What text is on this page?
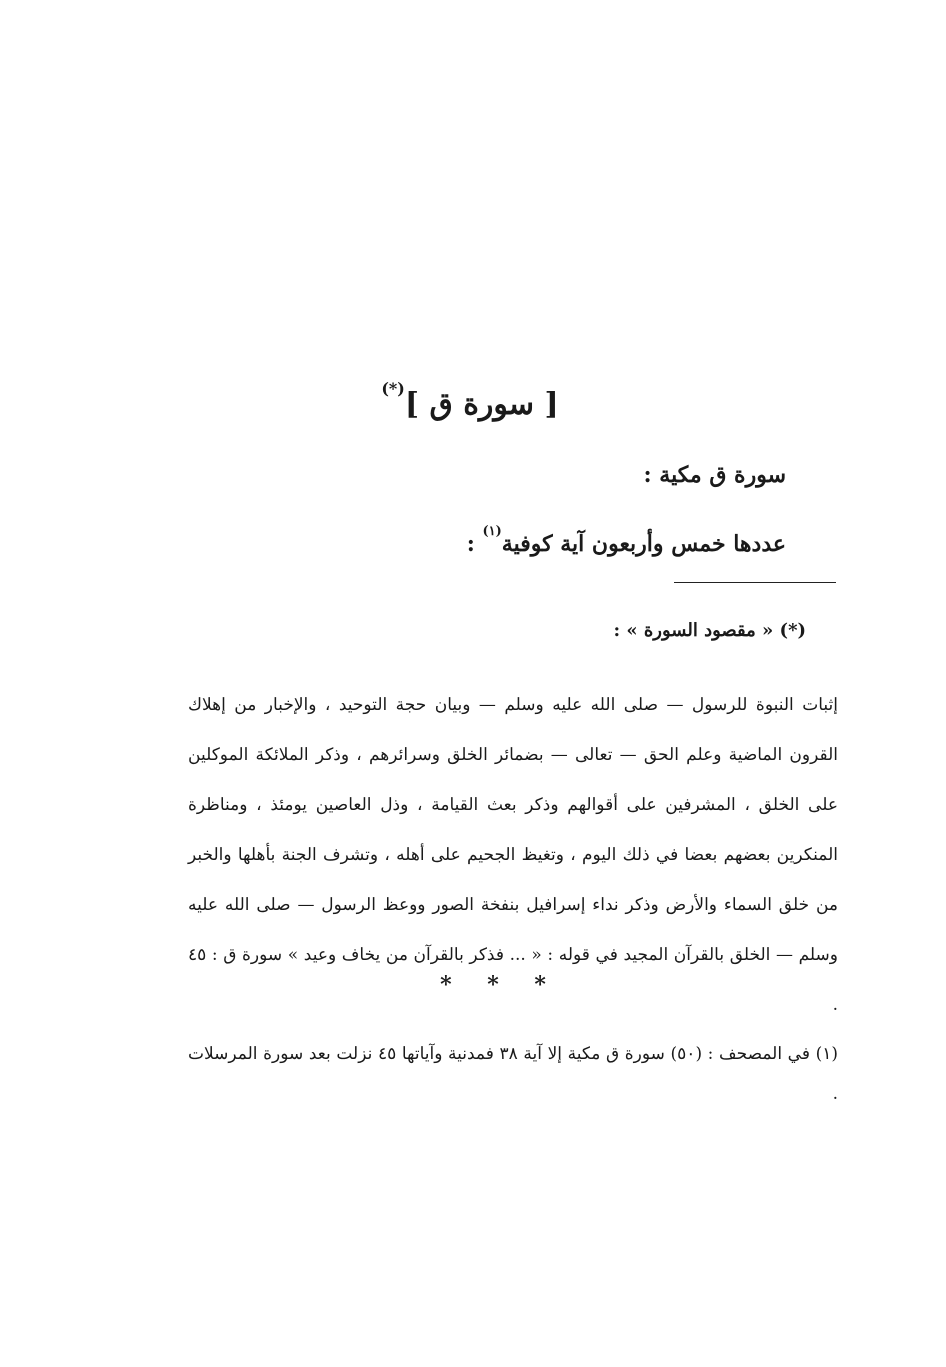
[ سورة ق ](*)
سورة ق مكية :
عددها خمس وأربعون آية كوفية$^{(١)}$ :
(*) « مقصود السورة » :
إثبات النبوة للرسول — صلى الله عليه وسلم — وبيان حجة التوحيد ، والإخبار من إهلاك القرون الماضية وعلم الحق — تعالى — بضمائر الخلق وسرائرهم ، وذكر الملائكة الموكلين على الخلق ، المشرفين على أقوالهم وذكر بعث القيامة ، وذل العاصين يومئذ ، ومناظرة المنكرين بعضهم بعضا في ذلك اليوم ، وتغيظ الجحيم على أهله ، وتشرف الجنة بأهلها والخبر من خلق السماء والأرض وذكر نداء إسرافيل بنفخة الصور ووعظ الرسول — صلى الله عليه وسلم — الخلق بالقرآن المجيد في قوله : « ... فذكر بالقرآن من يخاف وعيد » سورة ق : ٤٥ .
* * *
(١) في المصحف : (٥٠) سورة ق مكية إلا آية ٣٨ فمدنية وآياتها ٤٥ نزلت بعد سورة المرسلات .
